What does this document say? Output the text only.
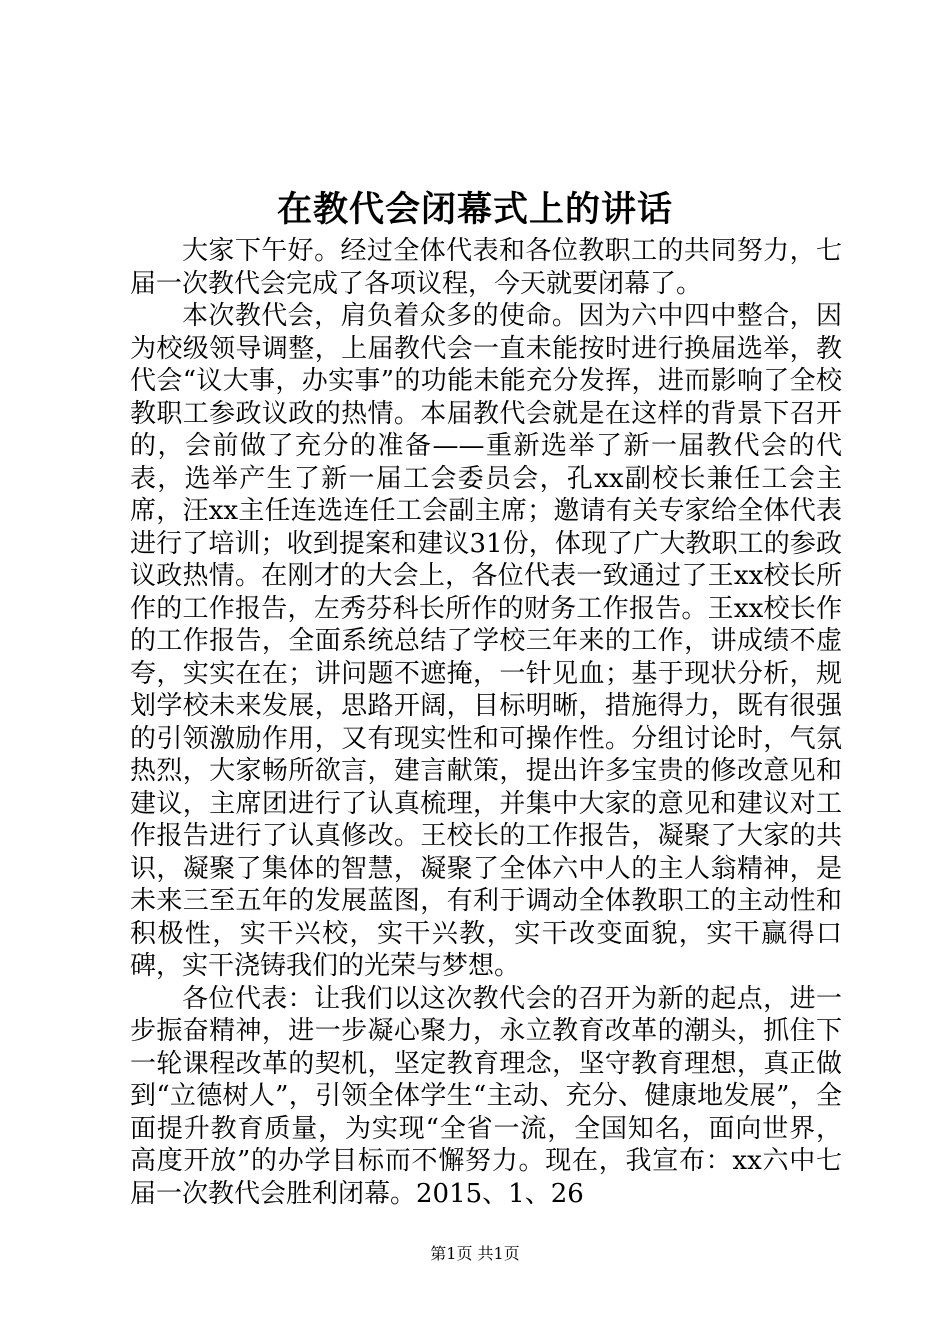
在教代会闭幕式上的讲话

大家下午好。经过全体代表和各位教职工的共同努力，七届一次教代会完成了各项议程，今天就要闭幕了。

本次教代会，肩负着众多的使命。因为六中四中整合，因为校级领导调整，上届教代会一直未能按时进行换届选举，教代会“议大事，办实事”的功能未能充分发挥，进而影响了全校教职工参政议政的热情。本届教代会就是在这样的背景下召开的，会前做了充分的准备——重新选举了新一届教代会的代表，选举产生了新一届工会委员会，孔xx副校长兼任工会主席，汪xx主任连选连任工会副主席；邀请有关专家给全体代表进行了培训；收到提案和建议31份，体现了广大教职工的参政议政热情。在刚才的大会上，各位代表一致通过了王xx校长所作的工作报告，左秀芬科长所作的财务工作报告。王xx校长作的工作报告，全面系统总结了学校三年来的工作，讲成绩不虚夸，实实在在；讲问题不遮掩，一针见血；基于现状分析，规划学校未来发展，思路开阔，目标明晰，措施得力，既有很强的引领激励作用，又有现实性和可操作性。分组讨论时，气氛热烈，大家畅所欲言，建言献策，提出许多宝贵的修改意见和建议，主席团进行了认真梳理，并集中大家的意见和建议对工作报告进行了认真修改。王校长的工作报告，凝聚了大家的共识，凝聚了集体的智慧，凝聚了全体六中人的主人翁精神，是未来三至五年的发展蓝图，有利于调动全体教职工的主动性和积极性，实干兴校，实干兴教，实干改变面貌，实干赢得口碑，实干浇铸我们的光荣与梦想。

各位代表：让我们以这次教代会的召开为新的起点，进一步振奋精神，进一步凝心聚力，永立教育改革的潮头，抓住下一轮课程改革的契机，坚定教育理念，坚守教育理想，真正做到“立德树人”，引领全体学生“主动、充分、健康地发展”，全面提升教育质量，为实现“全省一流，全国知名，面向世界，高度开放”的办学目标而不懈努力。现在，我宣布：xx六中七届一次教代会胜利闭幕。2015、1、26

第1页 共1页
